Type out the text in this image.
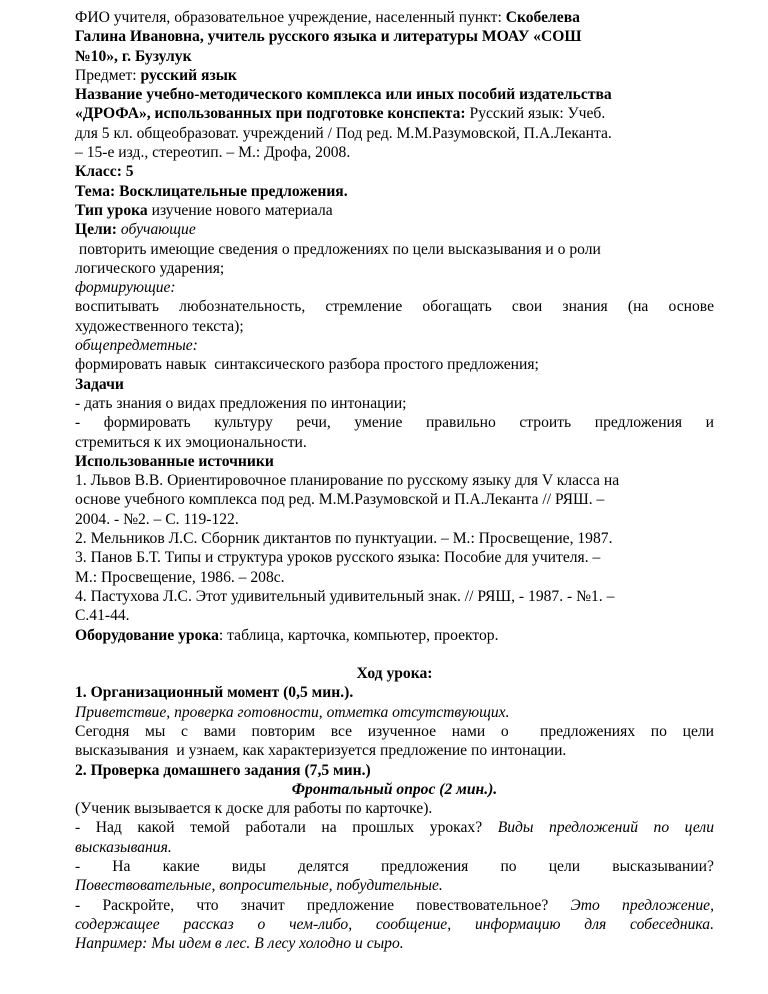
ФИО учителя, образовательное учреждение, населенный пункт: Скобелева

Галина Ивановна, учитель русского языка и литературы МОАУ «СОШ

№10», г. Бузулук

Предмет: русский язык

Название учебно-методического комплекса или иных пособий издательства

«ДРОФА», использованных при подготовке конспекта: Русский язык: Учеб.

для 5 кл. общеобразоват. учреждений / Под ред. М.М.Разумовской, П.А.Леканта.

– 15-е изд., стереотип. – М.: Дрофа, 2008.

Класс: 5

Тема: Восклицательные предложения.

Тип урока изучение нового материала

Цели: обучающие

повторить имеющие сведения о предложениях по цели высказывания и о роли

логического ударения;

формирующие:

воспитывать любознательность, стремление обогащать свои знания (на основе

художественного текста);

общепредметные:

формировать навык  синтаксического разбора простого предложения;

Задачи

- дать знания о видах предложения по интонации;

- формировать культуру речи, умение правильно строить предложения и

стремиться к их эмоциональности.

Использованные источники

1. Львов В.В. Ориентировочное планирование по русскому языку для V класса на

основе учебного комплекса под ред. М.М.Разумовской и П.А.Леканта // РЯШ. –

2004. - №2. – С. 119-122.

2. Мельников Л.С. Сборник диктантов по пунктуации. – М.: Просвещение, 1987.

3. Панов Б.Т. Типы и структура уроков русского языка: Пособие для учителя. –

М.: Просвещение, 1986. – 208с.

4. Пастухова Л.С. Этот удивительный удивительный знак. // РЯШ, - 1987. - №1. –

С.41-44.

Оборудование урока: таблица, карточка, компьютер, проектор.

Ход урока:

1. Организационный момент (0,5 мин.).

Приветствие, проверка готовности, отметка отсутствующих.

Сегодня мы с вами повторим все изученное нами о  предложениях по цели

высказывания  и узнаем, как характеризуется предложение по интонации.

2. Проверка домашнего задания (7,5 мин.)

Фронтальный опрос (2 мин.).

(Ученик вызывается к доске для работы по карточке).

- Над какой темой работали на прошлых уроках? Виды предложений по цели

высказывания.

- На какие виды делятся предложения по цели высказывании?

Повествовательные, вопросительные, побудительные.

- Раскройте, что значит предложение повествовательное? Это предложение,

содержащее рассказ о чем-либо, сообщение, информацию для собеседника.

Например: Мы идем в лес. В лесу холодно и сыро.
